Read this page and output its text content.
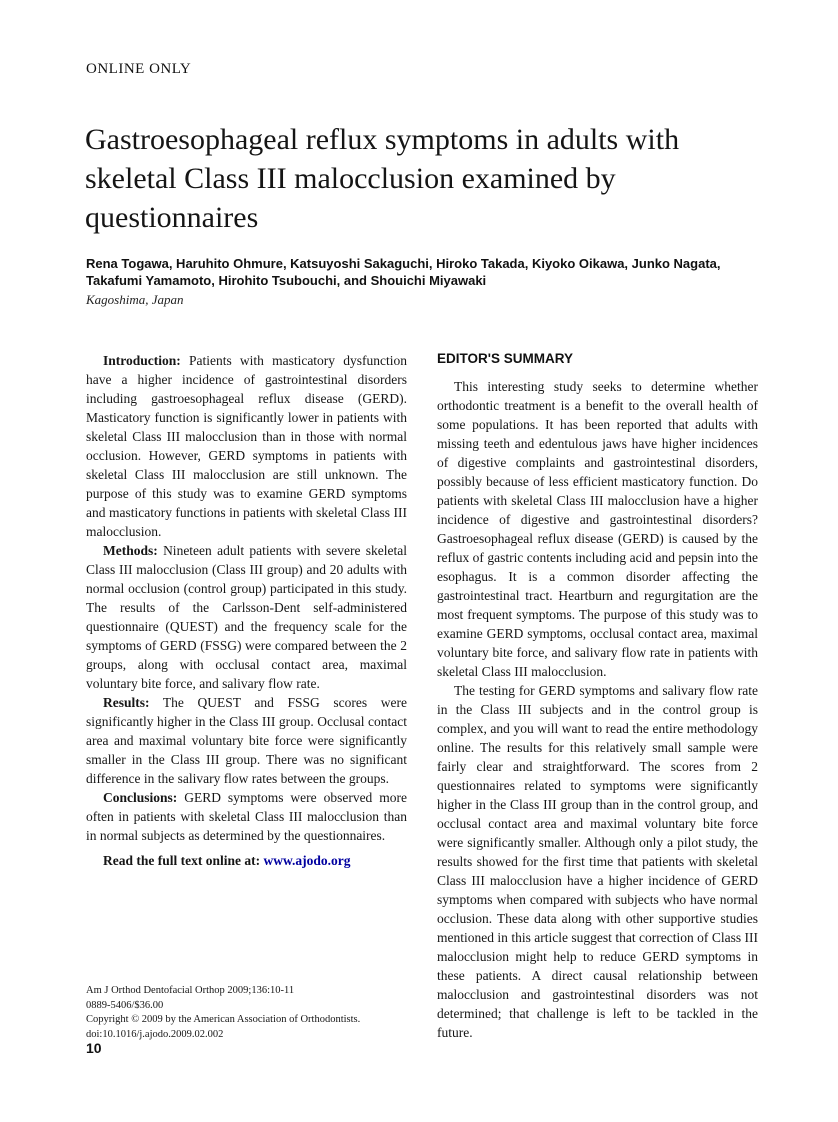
ONLINE ONLY
Gastroesophageal reflux symptoms in adults with skeletal Class III malocclusion examined by questionnaires
Rena Togawa, Haruhito Ohmure, Katsuyoshi Sakaguchi, Hiroko Takada, Kiyoko Oikawa, Junko Nagata, Takafumi Yamamoto, Hirohito Tsubouchi, and Shouichi Miyawaki
Kagoshima, Japan

Introduction: Patients with masticatory dysfunction have a higher incidence of gastrointestinal disorders including gastroesophageal reflux disease (GERD). Masticatory function is significantly lower in patients with skeletal Class III malocclusion than in those with normal occlusion. However, GERD symptoms in patients with skeletal Class III malocclusion are still unknown. The purpose of this study was to examine GERD symptoms and masticatory functions in patients with skeletal Class III malocclusion.

Methods: Nineteen adult patients with severe skeletal Class III malocclusion (Class III group) and 20 adults with normal occlusion (control group) participated in this study. The results of the Carlsson-Dent self-administered questionnaire (QUEST) and the frequency scale for the symptoms of GERD (FSSG) were compared between the 2 groups, along with occlusal contact area, maximal voluntary bite force, and salivary flow rate.

Results: The QUEST and FSSG scores were significantly higher in the Class III group. Occlusal contact area and maximal voluntary bite force were significantly smaller in the Class III group. There was no significant difference in the salivary flow rates between the groups.

Conclusions: GERD symptoms were observed more often in patients with skeletal Class III malocclusion than in normal subjects as determined by the questionnaires.

Read the full text online at: www.ajodo.org

EDITOR'S SUMMARY

This interesting study seeks to determine whether orthodontic treatment is a benefit to the overall health of some populations. It has been reported that adults with missing teeth and edentulous jaws have higher incidences of digestive complaints and gastrointestinal disorders, possibly because of less efficient masticatory function. Do patients with skeletal Class III malocclusion have a higher incidence of digestive and gastrointestinal disorders? Gastroesophageal reflux disease (GERD) is caused by the reflux of gastric contents including acid and pepsin into the esophagus. It is a common disorder affecting the gastrointestinal tract. Heartburn and regurgitation are the most frequent symptoms. The purpose of this study was to examine GERD symptoms, occlusal contact area, maximal voluntary bite force, and salivary flow rate in patients with skeletal Class III malocclusion.

The testing for GERD symptoms and salivary flow rate in the Class III subjects and in the control group is complex, and you will want to read the entire methodology online. The results for this relatively small sample were fairly clear and straightforward. The scores from 2 questionnaires related to symptoms were significantly higher in the Class III group than in the control group, and occlusal contact area and maximal voluntary bite force were significantly smaller. Although only a pilot study, the results showed for the first time that patients with skeletal Class III malocclusion have a higher incidence of GERD symptoms when compared with subjects who have normal occlusion. These data along with other supportive studies mentioned in this article suggest that correction of Class III malocclusion might help to reduce GERD symptoms in these patients. A direct causal relationship between malocclusion and gastrointestinal disorders was not determined; that challenge is left to be tackled in the future.

Am J Orthod Dentofacial Orthop 2009;136:10-11
0889-5406/$36.00
Copyright © 2009 by the American Association of Orthodontists.
doi:10.1016/j.ajodo.2009.02.002
10
